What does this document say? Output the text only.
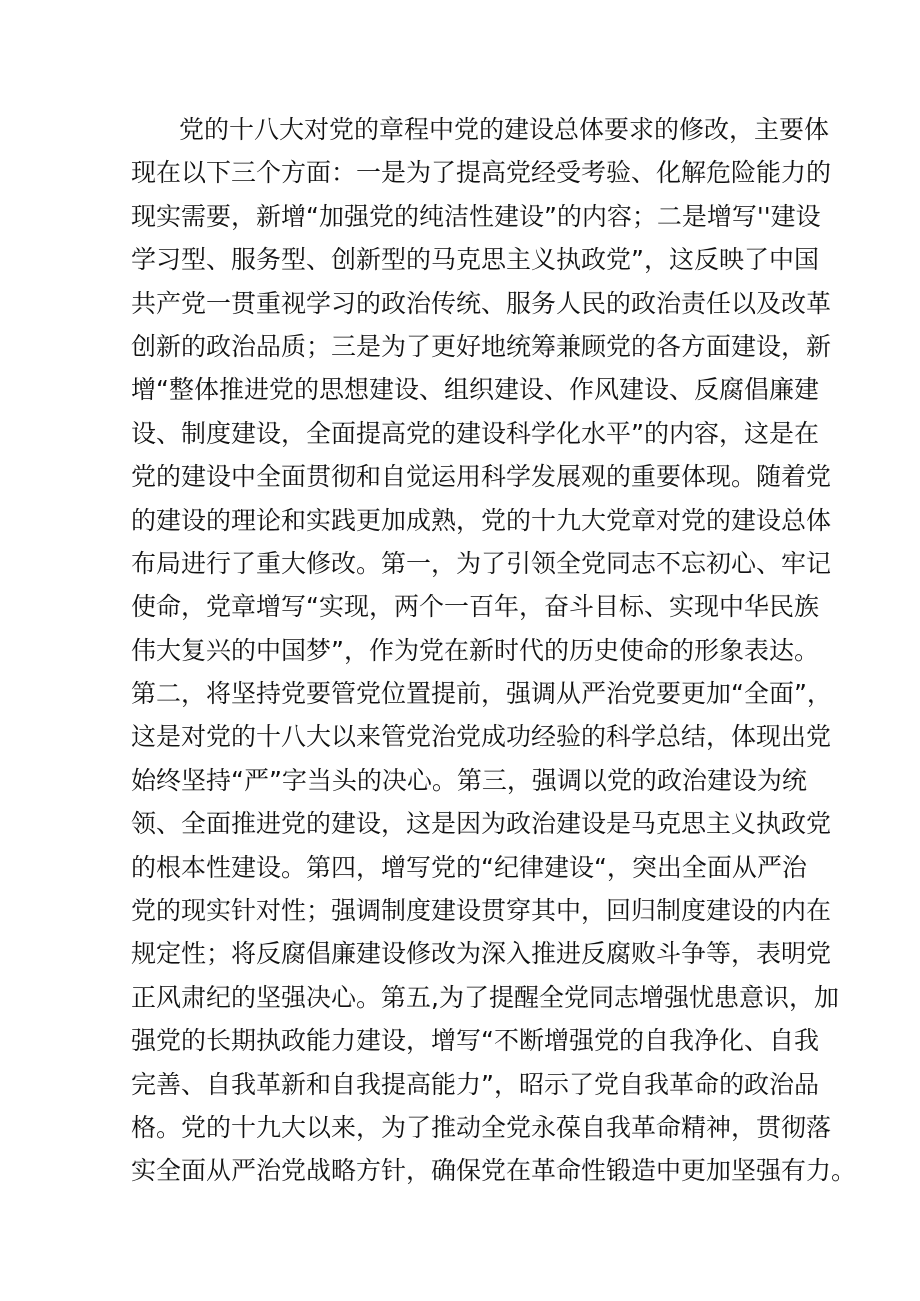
党的十八大对党的章程中党的建设总体要求的修改，主要体
现在以下三个方面：一是为了提高党经受考验、化解危险能力的
现实需要，新增“加强党的纯洁性建设”的内容；二是增写''建设
学习型、服务型、创新型的马克思主义执政党”，这反映了中国
共产党一贯重视学习的政治传统、服务人民的政治责任以及改革
创新的政治品质；三是为了更好地统筹兼顾党的各方面建设，新
增“整体推进党的思想建设、组织建设、作风建设、反腐倡廉建
设、制度建设，全面提高党的建设科学化水平”的内容，这是在
党的建设中全面贯彻和自觉运用科学发展观的重要体现。随着党
的建设的理论和实践更加成熟，党的十九大党章对党的建设总体
布局进行了重大修改。第一，为了引领全党同志不忘初心、牢记
使命，党章增写“实现，两个一百年，奋斗目标、实现中华民族
伟大复兴的中国梦”，作为党在新时代的历史使命的形象表达。
第二，将坚持党要管党位置提前，强调从严治党要更加“全面”，
这是对党的十八大以来管党治党成功经验的科学总结，体现出党
始终坚持“严”字当头的决心。第三，强调以党的政治建设为统
领、全面推进党的建设，这是因为政治建设是马克思主义执政党
的根本性建设。第四，增写党的“纪律建设“，突出全面从严治
党的现实针对性；强调制度建设贯穿其中，回归制度建设的内在
规定性；将反腐倡廉建设修改为深入推进反腐败斗争等，表明党
正风肃纪的坚强决心。第五,为了提醒全党同志增强忧患意识，加
强党的长期执政能力建设，增写“不断增强党的自我净化、自我
完善、自我革新和自我提高能力”，昭示了党自我革命的政治品
格。党的十九大以来，为了推动全党永葆自我革命精神，贯彻落
实全面从严治党战略方针，确保党在革命性锻造中更加坚强有力。
